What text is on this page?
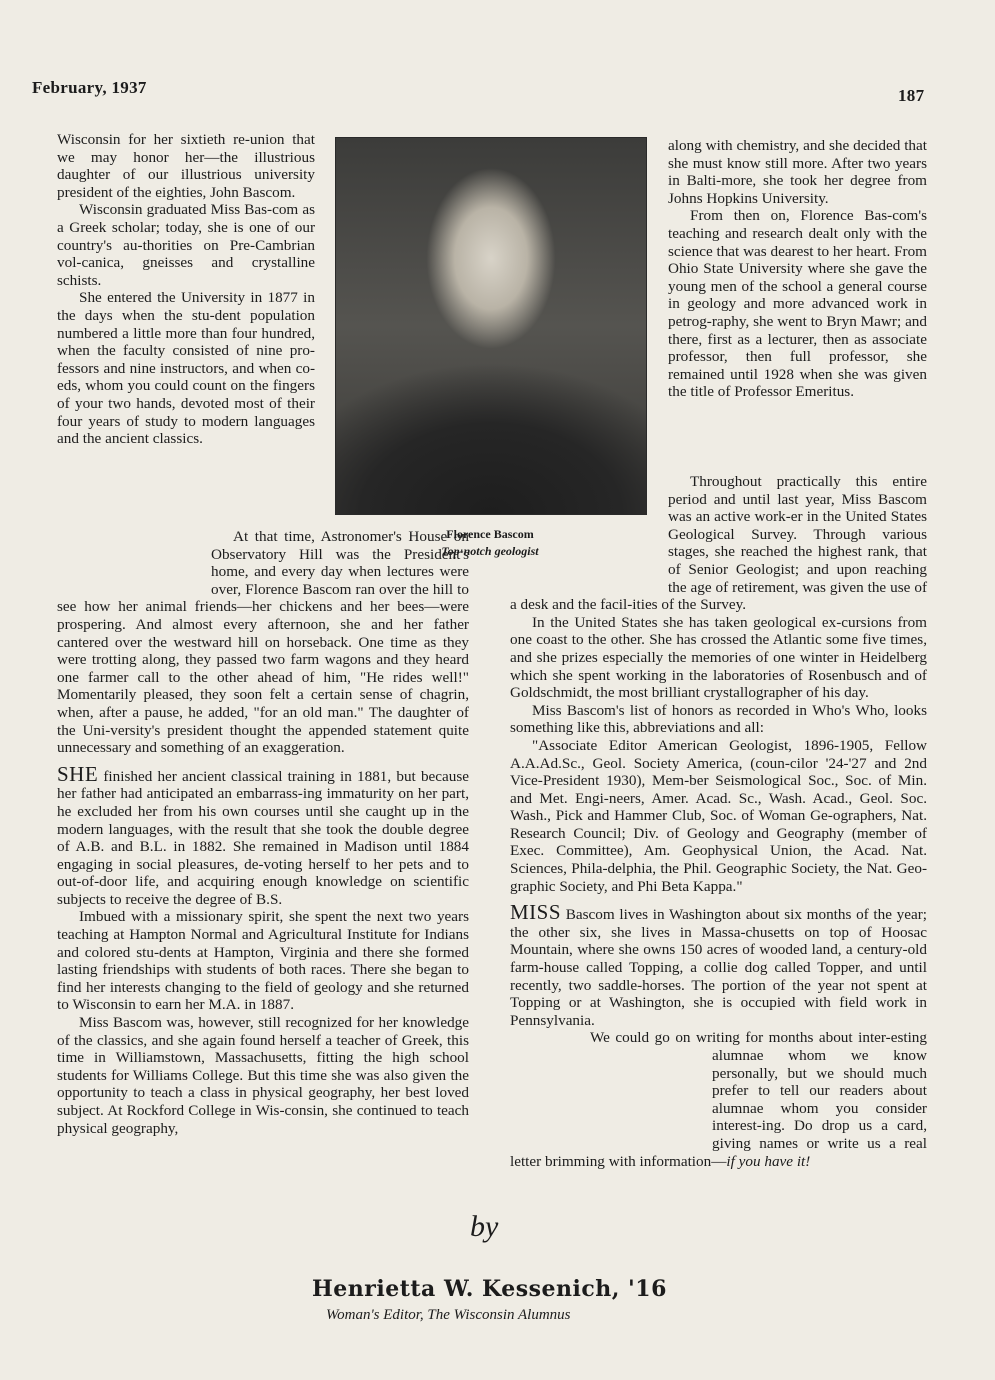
February, 1937	187
Florence Bascom
Top-notch geologist

Wisconsin for her sixtieth re-union that we may honor her—the illustrious daughter of our illustrious university president of the eighties, John Bascom.

Wisconsin graduated Miss Bas-com as a Greek scholar; today, she is one of our country's au-thorities on Pre-Cambrian vol-canica, gneisses and crystalline schists.

She entered the University in 1877 in the days when the stu-dent population numbered a little more than four hundred, when the faculty consisted of nine pro-fessors and nine instructors, and when co-eds, whom you could count on the fingers of your two hands, devoted most of their four years of study to modern languages and the ancient classics.

At that time, Astronomer's House on Observatory Hill was the President's home, and every day when lectures were over, Florence Bascom ran over the hill to see how her animal friends—her chickens and her bees—were prospering. And almost every afternoon, she and her father cantered over the westward hill on horseback. One time as they were trotting along, they passed two farm wagons and they heard one farmer call to the other ahead of him, "He rides well!" Momentarily pleased, they soon felt a certain sense of chagrin, when, after a pause, he added, "for an old man." The daughter of the Uni-versity's president thought the appended statement quite unnecessary and something of an exaggeration.

SHE finished her ancient classical training in 1881, but because her father had anticipated an embarrass-ing immaturity on her part, he excluded her from his own courses until she caught up in the modern languages, with the result that she took the double degree of A.B. and B.L. in 1882. She remained in Madison until 1884 engaging in social pleasures, de-voting herself to her pets and to out-of-door life, and acquiring enough knowledge on scientific subjects to receive the degree of B.S.

Imbued with a missionary spirit, she spent the next two years teaching at Hampton Normal and Agricultural Institute for Indians and colored stu-dents at Hampton, Virginia and there she formed lasting friendships with students of both races. There she began to find her interests changing to the field of geology and she returned to Wisconsin to earn her M.A. in 1887.

Miss Bascom was, however, still recognized for her knowledge of the classics, and she again found herself a teacher of Greek, this time in Williamstown, Massachusetts, fitting the high school students for Williams College. But this time she was also given the opportunity to teach a class in physical geography, her best loved subject. At Rockford College in Wis-consin, she continued to teach physical geography,

along with chemistry, and she decided that she must know still more. After two years in Balti-more, she took her degree from Johns Hopkins University.

From then on, Florence Bas-com's teaching and research dealt only with the science that was dearest to her heart. From Ohio State University where she gave the young men of the school a general course in geology and more advanced work in petrog-raphy, she went to Bryn Mawr; and there, first as a lecturer, then as associate professor, then full professor, she remained until 1928 when she was given the title of Professor Emeritus.

Throughout practically this entire period and until last year, Miss Bascom was an active work-er in the United States Geological Survey. Through various stages, she reached the highest rank, that of Senior Geologist; and upon reaching the age of retirement, was given the use of a desk and the facil-ities of the Survey.

In the United States she has taken geological ex-cursions from one coast to the other. She has crossed the Atlantic some five times, and she prizes especially the memories of one winter in Heidelberg which she spent working in the laboratories of Rosenbusch and of Goldschmidt, the most brilliant crystallographer of his day.

Miss Bascom's list of honors as recorded in Who's Who, looks something like this, abbreviations and all:

"Associate Editor American Geologist, 1896-1905, Fellow A.A.Ad.Sc., Geol. Society America, (coun-cilor '24-'27 and 2nd Vice-President 1930), Mem-ber Seismological Soc., Soc. of Min. and Met. Engi-neers, Amer. Acad. Sc., Wash. Acad., Geol. Soc. Wash., Pick and Hammer Club, Soc. of Woman Ge-ographers, Nat. Research Council; Div. of Geology and Geography (member of Exec. Committee), Am. Geophysical Union, the Acad. Nat. Sciences, Phila-delphia, the Phil. Geographic Society, the Nat. Geo-graphic Society, and Phi Beta Kappa."

MISS Bascom lives in Washington about six months of the year; the other six, she lives in Massa-chusetts on top of Hoosac Mountain, where she owns 150 acres of wooded land, a century-old farm-house called Topping, a collie dog called Topper, and until recently, two saddle-horses. The portion of the year not spent at Topping or at Washington, she is occupied with field work in Pennsylvania.

We could go on writing for months about inter-esting alumnae whom we know personally, but we should much prefer to tell our readers about alumnae whom you consider interest-ing. Do drop us a card, giving names or write us a real letter brimming with information—if you have it!

by
Henrietta W. Kessenich, '16
Woman's Editor, The Wisconsin Alumnus
